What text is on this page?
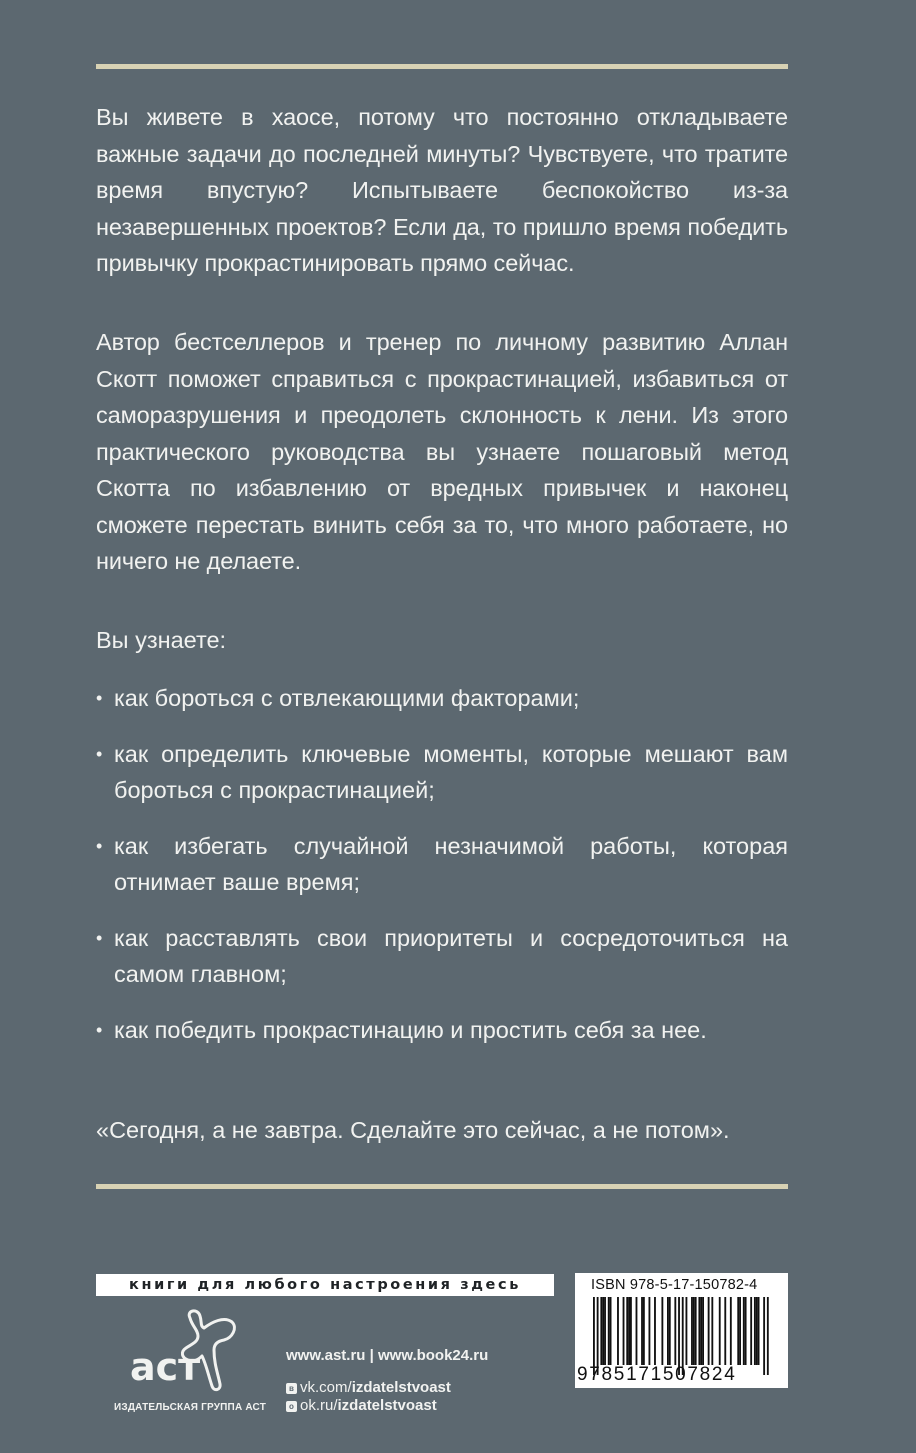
Вы живете в хаосе, потому что постоянно откладываете важные задачи до последней минуты? Чувствуете, что тратите время впустую? Испытываете беспокойство из-за незавершенных проектов? Если да, то пришло время победить привычку прокрастинировать прямо сейчас.
Автор бестселлеров и тренер по личному развитию Аллан Скотт поможет справиться с прокрастинацией, избавиться от саморазрушения и преодолеть склонность к лени. Из этого практического руководства вы узнаете пошаговый метод Скотта по избавлению от вредных привычек и наконец сможете перестать винить себя за то, что много работаете, но ничего не делаете.
Вы узнаете:
• как бороться с отвлекающими факторами;
• как определить ключевые моменты, которые мешают вам бороться с прокрастинацией;
• как избегать случайной незначимой работы, которая отнимает ваше время;
• как расставлять свои приоритеты и сосредоточиться на самом главном;
• как победить прокрастинацию и простить себя за нее.
«Сегодня, а не завтра. Сделайте это сейчас, а не потом».
книги для любого настроения здесь
аст
ИЗДАТЕЛЬСКАЯ ГРУППА АСТ
www.ast.ru | www.book24.ru
в vk.com/izdatelstvoast
о ok.ru/izdatelstvoast
ISBN 978-5-17-150782-4
9785171507824
